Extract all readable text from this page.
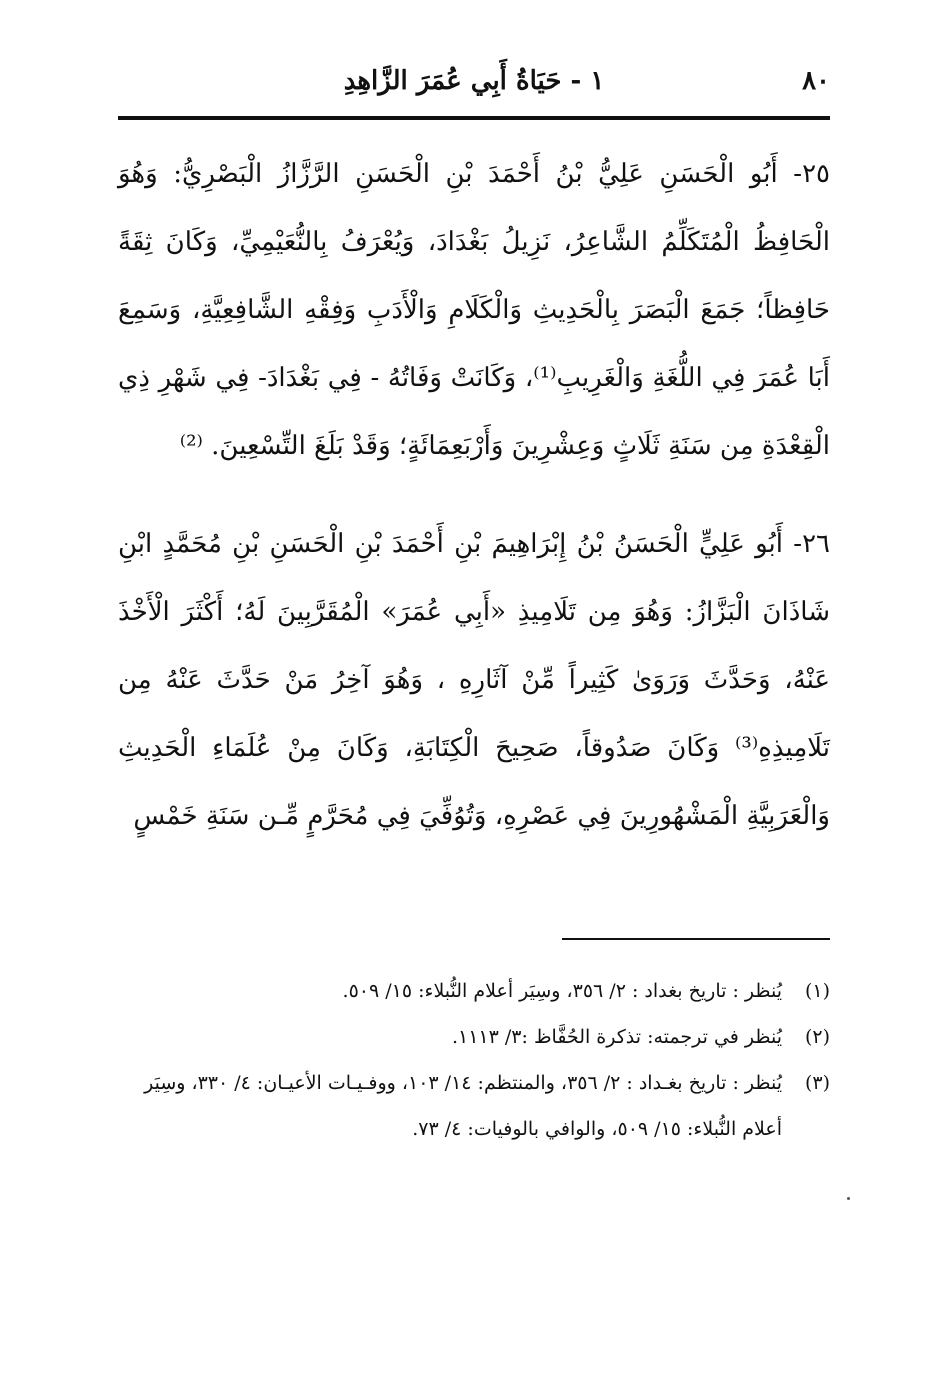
٨٠
١ - حَيَاةُ أَبِي عُمَرَ الزَّاهِدِ

٢٥- أَبُو الْحَسَنِ عَلِيُّ بْنُ أَحْمَدَ بْنِ الْحَسَنِ الرَّزَّازُ الْبَصْرِيُّ: وَهُوَ الْحَافِظُ الْمُتَكَلِّمُ الشَّاعِرُ، نَزِيلُ بَغْدَادَ، وَيُعْرَفُ بِالنُّعَيْمِيِّ، وَكَانَ ثِقَةً حَافِظاً؛ جَمَعَ الْبَصَرَ بِالْحَدِيثِ وَالْكَلَامِ وَالْأَدَبِ وَفِقْهِ الشَّافِعِيَّةِ، وَسَمِعَ أَبَا عُمَرَ فِي اللُّغَةِ وَالْغَرِيبِ⁽¹⁾، وَكَانَتْ وَفَاتُهُ - فِي بَغْدَادَ- فِي شَهْرِ ذِي الْقِعْدَةِ مِن سَنَةِ ثَلَاثٍ وَعِشْرِينَ وَأَرْبَعِمَائَةٍ؛ وَقَدْ بَلَغَ التِّسْعِينَ. ⁽²⁾

٢٦- أَبُو عَلِيٍّ الْحَسَنُ بْنُ إِبْرَاهِيمَ بْنِ أَحْمَدَ بْنِ الْحَسَنِ بْنِ مُحَمَّدٍ ابْنِ شَاذَانَ الْبَزَّازُ: وَهُوَ مِن تَلَامِيذِ «أَبِي عُمَرَ» الْمُقَرَّبِينَ لَهُ؛ أَكْثَرَ الْأَخْذَ عَنْهُ، وَحَدَّثَ وَرَوَىٰ كَثِيراً مِّنْ آثَارِهِ ، وَهُوَ آخِرُ مَنْ حَدَّثَ عَنْهُ مِن تَلَامِيذِهِ⁽³⁾ وَكَانَ صَدُوقاً، صَحِيحَ الْكِتَابَةِ، وَكَانَ مِنْ عُلَمَاءِ الْحَدِيثِ وَالْعَرَبِيَّةِ الْمَشْهُورِينَ فِي عَصْرِهِ، وَتُوُفِّيَ فِي مُحَرَّمٍ مِّـن سَنَةِ خَمْسٍ

(١)
يُنظر : تاريخ بغداد : ٢/ ٣٥٦، وسِيَر أعلام النُّبلاء: ١٥/ ٥٠٩.

(٢)
يُنظر في ترجمته: تذكرة الحُفَّاظ :٣/ ١١١٣.

(٣)
يُنظر : تاريخ بغـداد : ٢/ ٣٥٦، والمنتظم: ١٤/ ١٠٣، ووفـيـات الأعيـان: ٤/ ٣٣٠، وسِيَر أعلام النُّبلاء: ١٥/ ٥٠٩، والوافي بالوفيات: ٤/ ٧٣.
